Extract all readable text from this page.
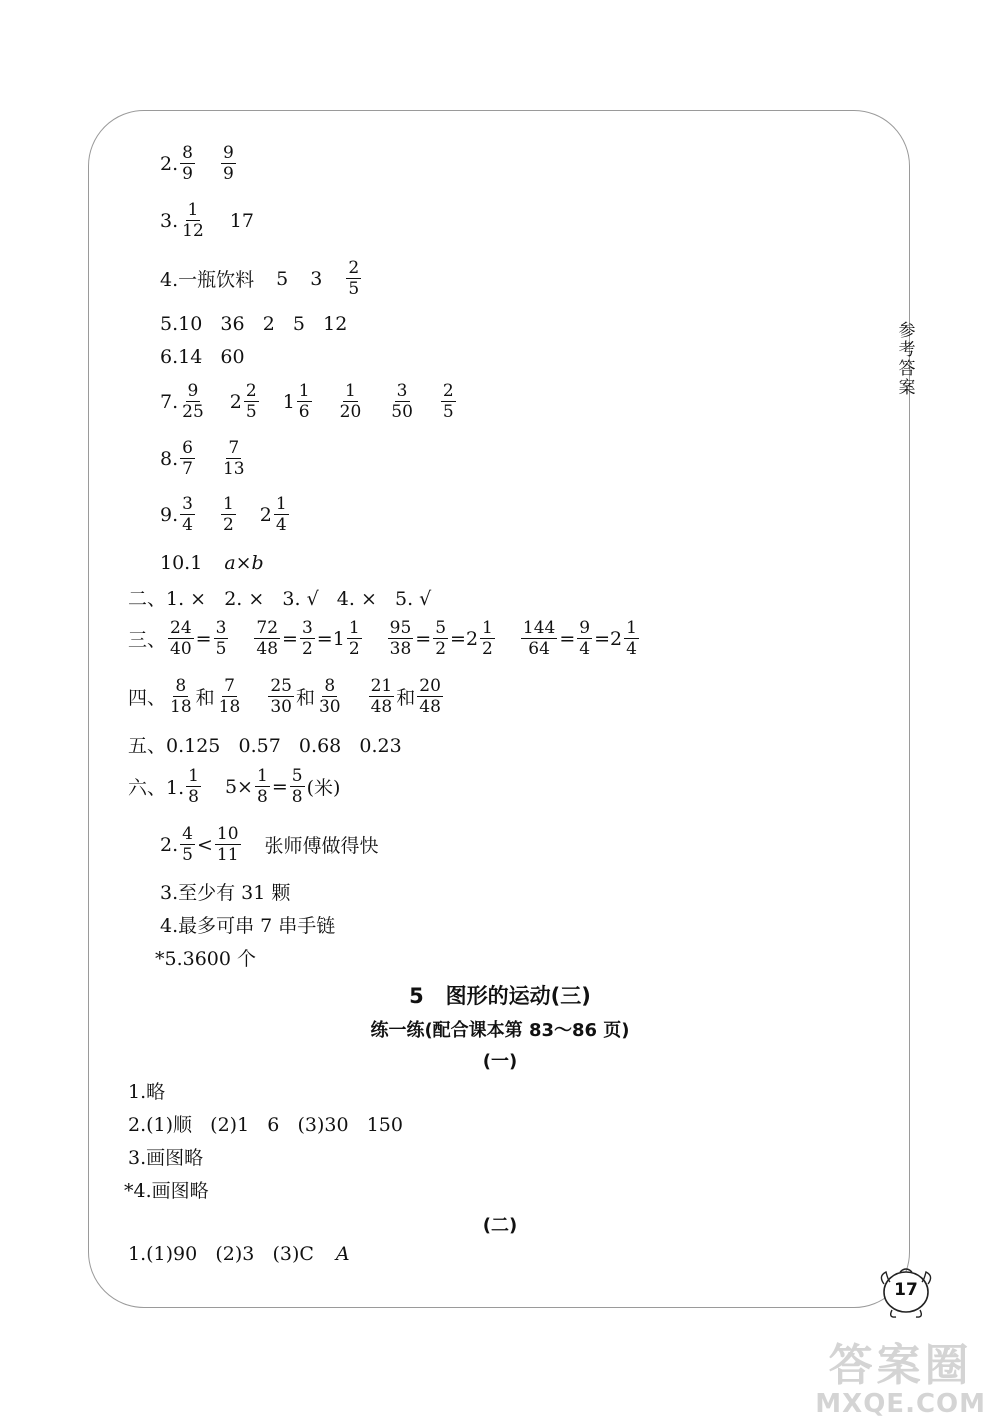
参考答案
2. $\frac{8}{9} \frac{9}{9}$
3. $\frac{1}{12} 17$
4.一瓶饮料 5 $3 \frac{2}{5}$
5.10   36   2   5   12
6.14   60
7. $\frac{9}{25} 2 \frac{2}{5} 1 \frac{1}{6} \frac{1}{20} \frac{3}{50} \frac{2}{5}$
8. $\frac{6}{7} \frac{7}{13}$
9. $\frac{3}{4} \frac{1}{2} 2 \frac{1}{4}$
10.1 a×b
二、1. ×   2. ×   3. √   4. ×   5. √
三、 $\frac{24}{40} = \frac{3}{5} \frac{72}{48} = \frac{3}{2} = 1 \frac{1}{2} \frac{95}{38} = \frac{5}{2} = 2 \frac{1}{2} \frac{144}{64} = \frac{9}{4} = 2 \frac{1}{4}$
四、 $\frac{8}{18}$ 和 $\frac{7}{18} \frac{25}{30}$ 和 $\frac{8}{30} \frac{21}{48}$ 和 $\frac{20}{48}$
五、0.125   0.57   0.68   0.23
六、1. $\frac{1}{8} 5\times \frac{1}{8} = \frac{5}{8}$ (米)
2. $\frac{4}{5} < \frac{10}{11}$ 张师傅做得快
3.至少有 31 颗
4.最多可串 7 串手链
*5.3600 个
5   图形的运动(三)
练一练(配合课本第 83～86 页)
(一)
1.略
2.(1)顺   (2)1   6   (3)30   150
3.画图略
*4.画图略
(二)
1.(1)90   (2)3   (3)C A
17
答案圈
MXQE.COM
